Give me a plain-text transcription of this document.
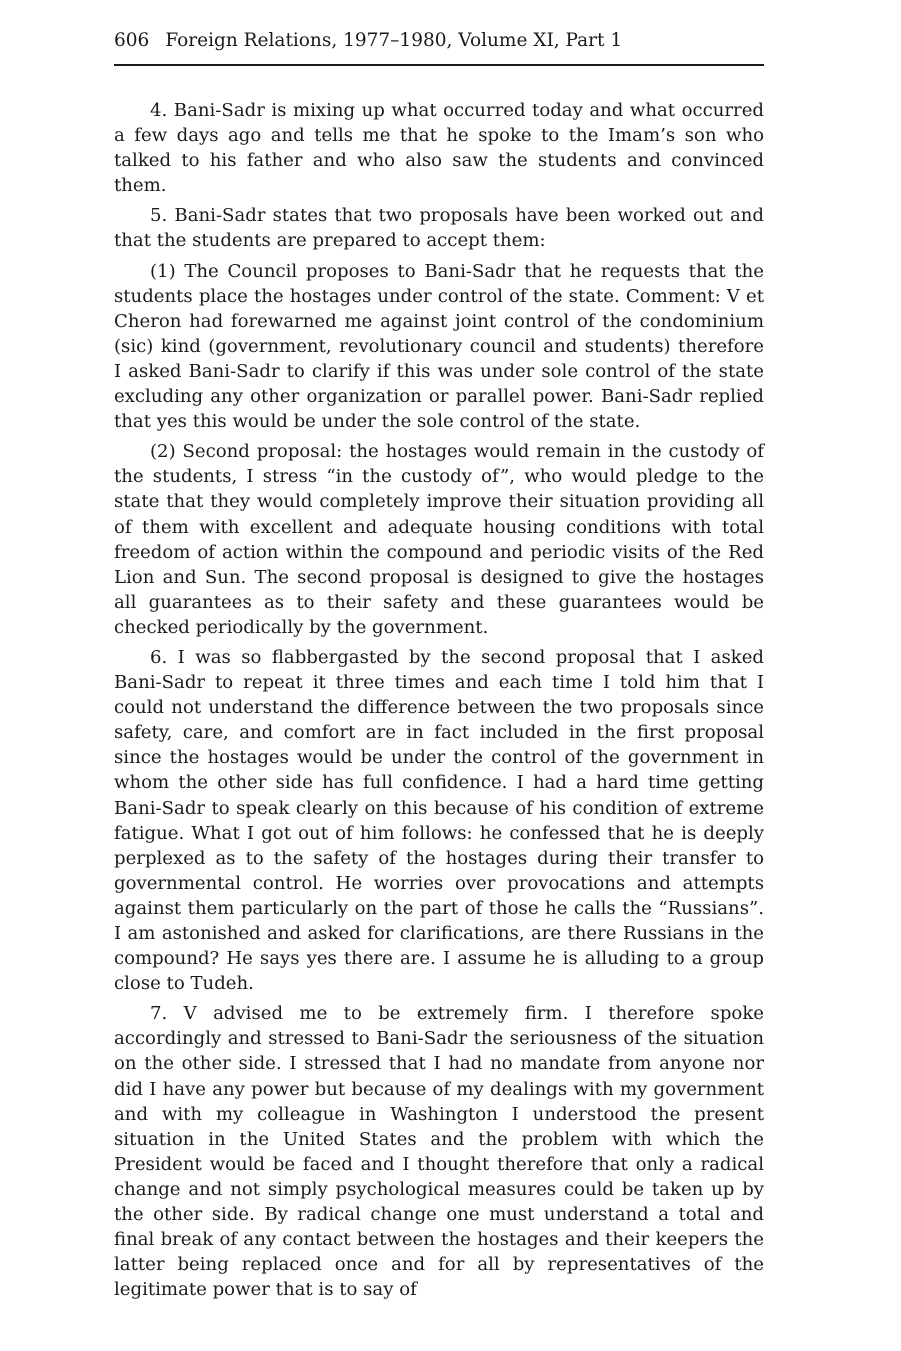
606 Foreign Relations, 1977–1980, Volume XI, Part 1

4. Bani-Sadr is mixing up what occurred today and what occurred a few days ago and tells me that he spoke to the Imam’s son who talked to his father and who also saw the students and convinced them.

5. Bani-Sadr states that two proposals have been worked out and that the students are prepared to accept them:

(1) The Council proposes to Bani-Sadr that he requests that the students place the hostages under control of the state. Comment: V et Cheron had forewarned me against joint control of the condominium (sic) kind (government, revolutionary council and students) therefore I asked Bani-Sadr to clarify if this was under sole control of the state excluding any other organization or parallel power. Bani-Sadr replied that yes this would be under the sole control of the state.

(2) Second proposal: the hostages would remain in the custody of the students, I stress “in the custody of”, who would pledge to the state that they would completely improve their situation providing all of them with excellent and adequate housing conditions with total freedom of action within the compound and periodic visits of the Red Lion and Sun. The second proposal is designed to give the hostages all guarantees as to their safety and these guarantees would be checked periodically by the government.

6. I was so flabbergasted by the second proposal that I asked Bani-Sadr to repeat it three times and each time I told him that I could not understand the difference between the two proposals since safety, care, and comfort are in fact included in the first proposal since the hostages would be under the control of the government in whom the other side has full confidence. I had a hard time getting Bani-Sadr to speak clearly on this because of his condition of extreme fatigue. What I got out of him follows: he confessed that he is deeply perplexed as to the safety of the hostages during their transfer to governmental control. He worries over provocations and attempts against them particularly on the part of those he calls the “Russians”. I am astonished and asked for clarifications, are there Russians in the compound? He says yes there are. I assume he is alluding to a group close to Tudeh.

7. V advised me to be extremely firm. I therefore spoke accordingly and stressed to Bani-Sadr the seriousness of the situation on the other side. I stressed that I had no mandate from anyone nor did I have any power but because of my dealings with my government and with my colleague in Washington I understood the present situation in the United States and the problem with which the President would be faced and I thought therefore that only a radical change and not simply psychological measures could be taken up by the other side. By radical change one must understand a total and final break of any contact between the hostages and their keepers the latter being replaced once and for all by representatives of the legitimate power that is to say of
